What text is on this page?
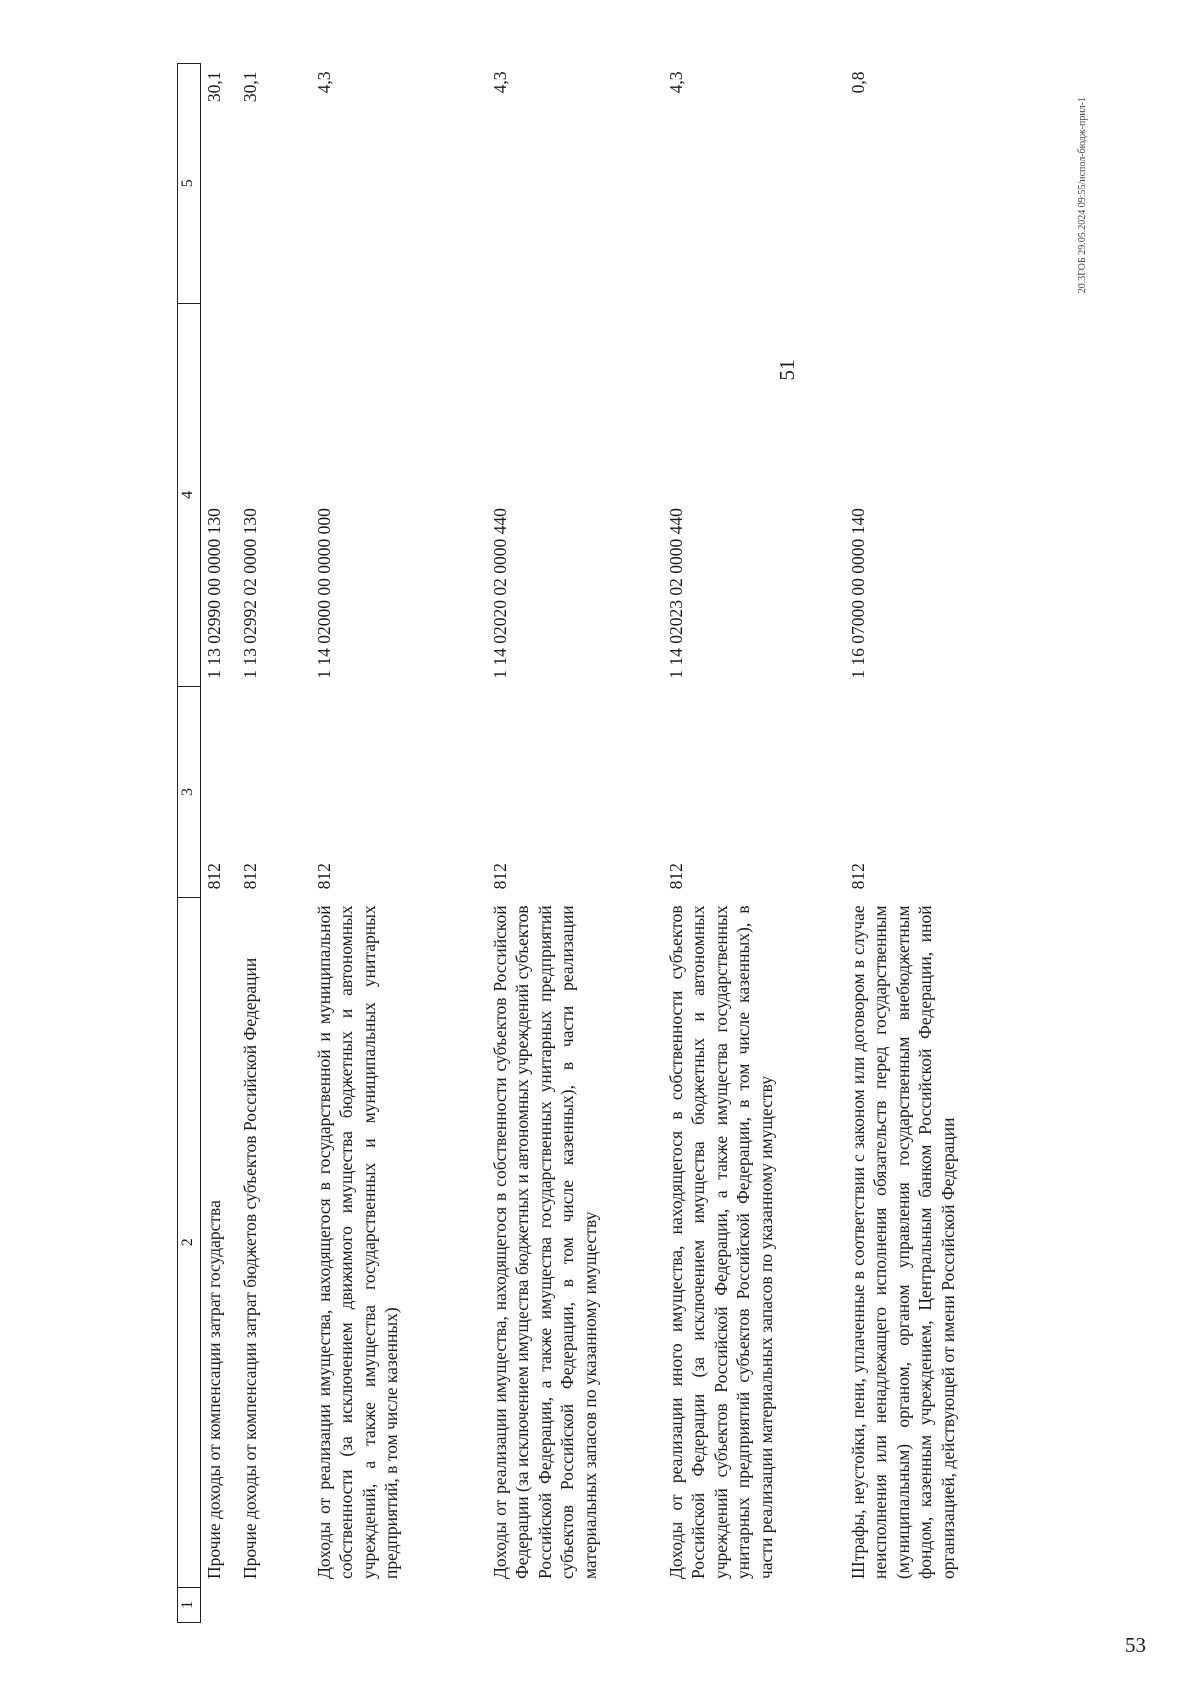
51
1	2	3	4	5
	Прочие доходы от компенсации затрат государства	812	1 13 02990 00 0000 130	30,1
	Прочие доходы от компенсации затрат бюджетов субъектов Российской Федерации	812	1 13 02992 02 0000 130	30,1
	Доходы от реализации имущества, находящегося в государственной и муниципальной собственности (за исключением движимого имущества бюджетных и автономных учреждений, а также имущества государственных и муниципальных унитарных предприятий, в том числе казенных)	812	1 14 02000 00 0000 000	4,3
	Доходы от реализации имущества, находящегося в собственности субъектов Российской Федерации (за исключением имущества бюджетных и автономных учреждений субъектов Российской Федерации, а также имущества государственных унитарных предприятий субъектов Российской Федерации, в том числе казенных), в части реализации материальных запасов по указанному имуществу	812	1 14 02020 02 0000 440	4,3
	Доходы от реализации иного имущества, находящегося в собственности субъектов Российской Федерации (за исключением имущества бюджетных и автономных учреждений субъектов Российской Федерации, а также имущества государственных унитарных предприятий субъектов Российской Федерации, в том числе казенных), в части реализации материальных запасов по указанному имуществу	812	1 14 02023 02 0000 440	4,3
	Штрафы, неустойки, пени, уплаченные в соответствии с законом или договором в случае неисполнения или ненадлежащего исполнения обязательств перед государственным (муниципальным) органом, органом управления государственным внебюджетным фондом, казенным учреждением, Центральным банком Российской Федерации, иной организацией, действующей от имени Российской Федерации	812	1 16 07000 00 0000 140	0,8
20.3ГОБ 29.05.2024 09:55/испол-бюдж-прил-1
53
